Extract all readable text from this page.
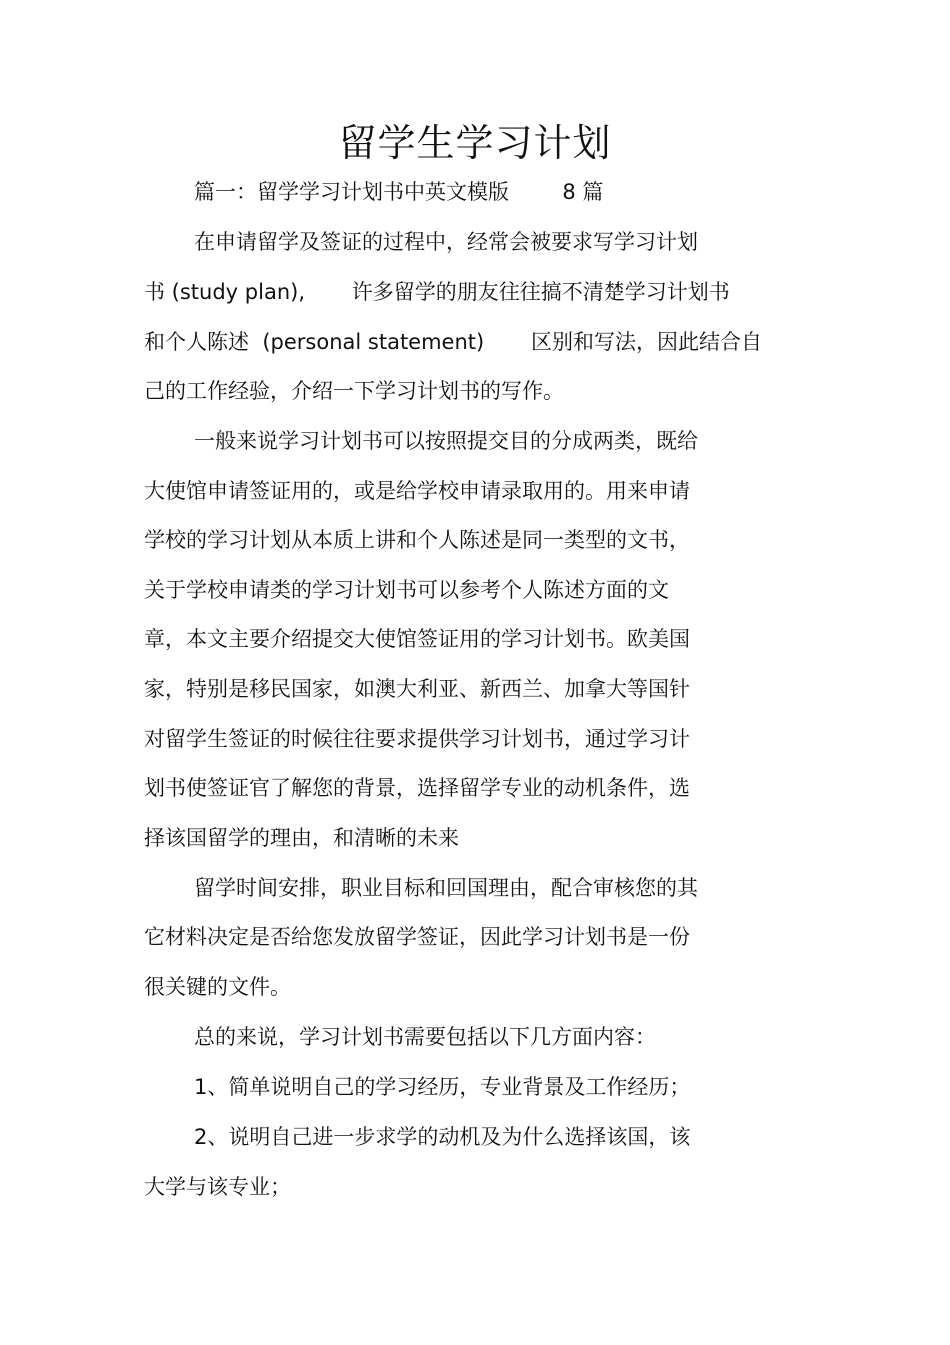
留学生学习计划

篇一：留学学习计划书中英文模版        8 篇

在申请留学及签证的过程中，经常会被要求写学习计划

书 (study plan),       许多留学的朋友往往搞不清楚学习计划书

和个人陈述  (personal statement)       区别和写法，因此结合自

己的工作经验，介绍一下学习计划书的写作。

一般来说学习计划书可以按照提交目的分成两类，既给

大使馆申请签证用的，或是给学校申请录取用的。用来申请

学校的学习计划从本质上讲和个人陈述是同一类型的文书，

关于学校申请类的学习计划书可以参考个人陈述方面的文

章，本文主要介绍提交大使馆签证用的学习计划书。欧美国

家，特别是移民国家，如澳大利亚、新西兰、加拿大等国针

对留学生签证的时候往往要求提供学习计划书，通过学习计

划书使签证官了解您的背景，选择留学专业的动机条件，选

择该国留学的理由，和清晰的未来

留学时间安排，职业目标和回国理由，配合审核您的其

它材料决定是否给您发放留学签证，因此学习计划书是一份

很关键的文件。

总的来说，学习计划书需要包括以下几方面内容：

1、简单说明自己的学习经历，专业背景及工作经历；

2、说明自己进一步求学的动机及为什么选择该国，该

大学与该专业；
